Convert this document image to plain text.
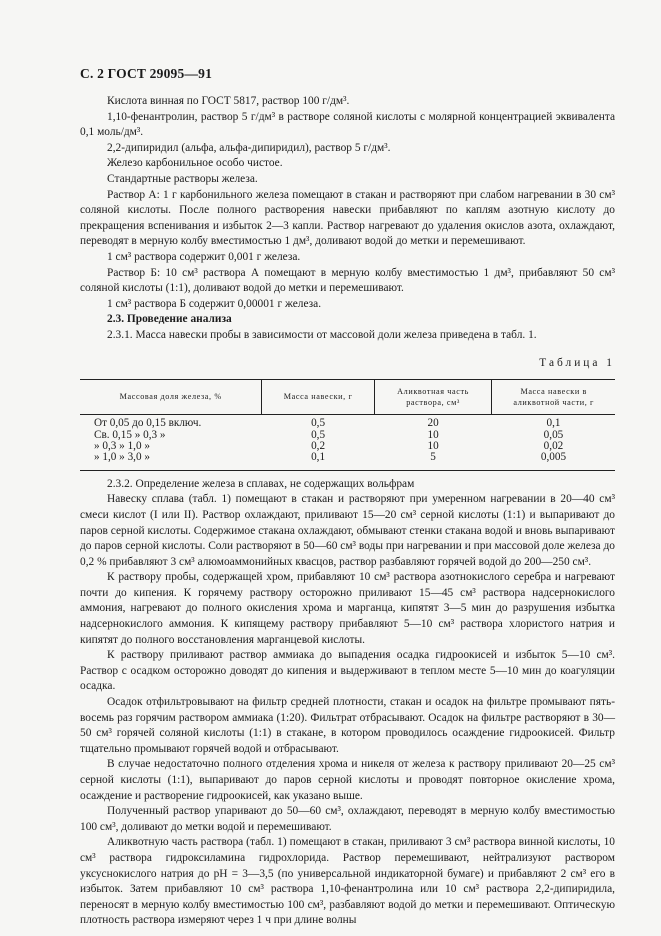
С. 2 ГОСТ 29095—91

Кислота винная по ГОСТ 5817, раствор 100 г/дм³.

1,10-фенантролин, раствор 5 г/дм³ в растворе соляной кислоты с молярной концентрацией эквивалента 0,1 моль/дм³.

2,2-дипиридил (альфа, альфа-дипиридил), раствор 5 г/дм³.

Железо карбонильное особо чистое.

Стандартные растворы железа.

Раствор А: 1 г карбонильного железа помещают в стакан и растворяют при слабом нагревании в 30 см³ соляной кислоты. После полного растворения навески прибавляют по каплям азотную кислоту до прекращения вспенивания и избыток 2—3 капли. Раствор нагревают до удаления окислов азота, охлаждают, переводят в мерную колбу вместимостью 1 дм³, доливают водой до метки и перемешивают.

1 см³ раствора содержит 0,001 г железа.

Раствор Б: 10 см³ раствора А помещают в мерную колбу вместимостью 1 дм³, прибавляют 50 см³ соляной кислоты (1:1), доливают водой до метки и перемешивают.

1 см³ раствора Б содержит 0,00001 г железа.

2.3. Проведение анализа

2.3.1. Масса навески пробы в зависимости от массовой доли железа приведена в табл. 1.

Таблица 1
Массовая доля железа, %	Масса навески, г	Аликвотная часть
раствора, см³	Масса навески в
аликвотной части, г

От 0,05 до 0,15 включ.	0,5	20	0,1
Св. 0,15 » 0,3 »	0,5	10	0,05
» 0,3 » 1,0 »	0,2	10	0,02
» 1,0 » 3,0 »	0,1	5	0,005

2.3.2. Определение железа в сплавах, не содержащих вольфрам

Навеску сплава (табл. 1) помещают в стакан и растворяют при умеренном нагревании в 20—40 см³ смеси кислот (I или II). Раствор охлаждают, приливают 15—20 см³ серной кислоты (1:1) и выпаривают до паров серной кислоты. Содержимое стакана охлаждают, обмывают стенки стакана водой и вновь выпаривают до паров серной кислоты. Соли растворяют в 50—60 см³ воды при нагревании и при массовой доле железа до 0,2 % прибавляют 3 см³ алюмоаммонийных квасцов, раствор разбавляют горячей водой до 200—250 см³.

К раствору пробы, содержащей хром, прибавляют 10 см³ раствора азотнокислого серебра и нагревают почти до кипения. К горячему раствору осторожно приливают 15—45 см³ раствора надсернокислого аммония, нагревают до полного окисления хрома и марганца, кипятят 3—5 мин до разрушения избытка надсернокислого аммония. К кипящему раствору прибавляют 5—10 см³ раствора хлористого натрия и кипятят до полного восстановления марганцевой кислоты.

К раствору приливают раствор аммиака до выпадения осадка гидроокисей и избыток 5—10 см³. Раствор с осадком осторожно доводят до кипения и выдерживают в теплом месте 5—10 мин до коагуляции осадка.

Осадок отфильтровывают на фильтр средней плотности, стакан и осадок на фильтре промывают пять-восемь раз горячим раствором аммиака (1:20). Фильтрат отбрасывают. Осадок на фильтре растворяют в 30—50 см³ горячей соляной кислоты (1:1) в стакане, в котором проводилось осаждение гидроокисей. Фильтр тщательно промывают горячей водой и отбрасывают.

В случае недостаточно полного отделения хрома и никеля от железа к раствору приливают 20—25 см³ серной кислоты (1:1), выпаривают до паров серной кислоты и проводят повторное окисление хрома, осаждение и растворение гидроокисей, как указано выше.

Полученный раствор упаривают до 50—60 см³, охлаждают, переводят в мерную колбу вместимостью 100 см³, доливают до метки водой и перемешивают.

Аликвотную часть раствора (табл. 1) помещают в стакан, приливают 3 см³ раствора винной кислоты, 10 см³ раствора гидроксиламина гидрохлорида. Раствор перемешивают, нейтрализуют раствором уксуснокислого натрия до pH = 3—3,5 (по универсальной индикаторной бумаге) и прибавляют 2 см³ его в избыток. Затем прибавляют 10 см³ раствора 1,10-фенантролина или 10 см³ раствора 2,2-дипиридила, переносят в мерную колбу вместимостью 100 см³, разбавляют водой до метки и перемешивают. Оптическую плотность раствора измеряют через 1 ч при длине волны
